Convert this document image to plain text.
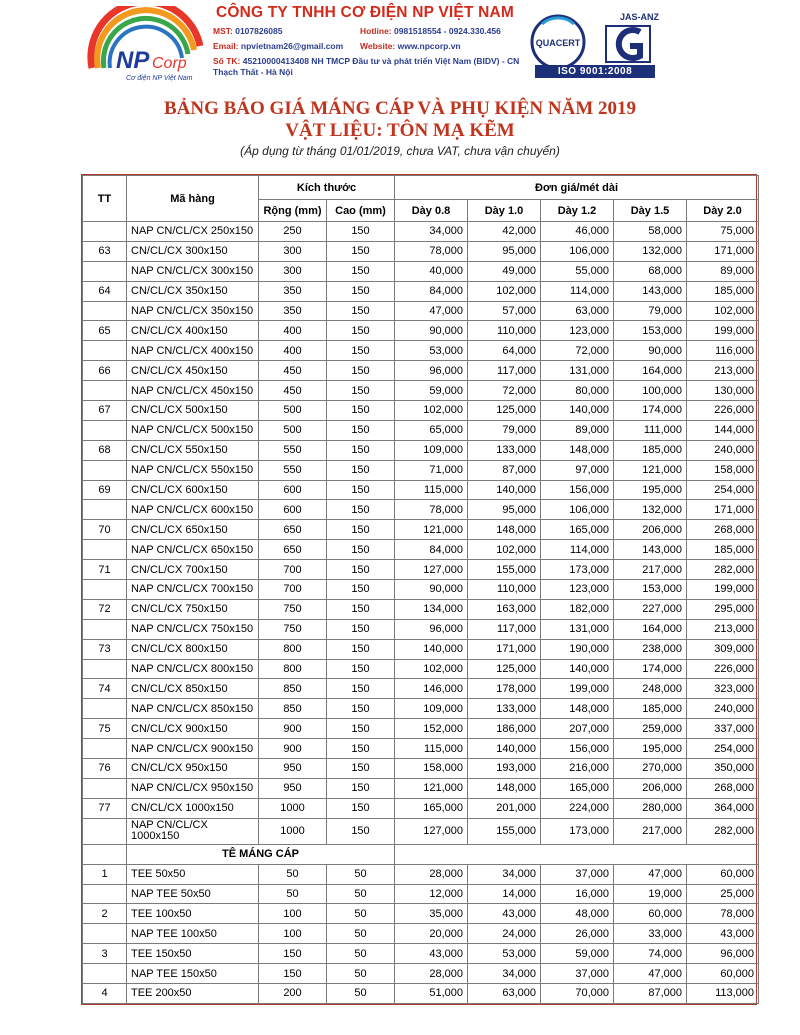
NP Corp
Cơ điện NP Việt Nam
CÔNG TY TNHH CƠ ĐIỆN NP VIỆT NAM
MST: 0107826085	Hotline: 0981518554 - 0924.330.456
Email: npvietnam26@gmail.com Website: www.npcorp.vn
Số TK: 45210000413408 NH TMCP Đầu tư và phát triển Việt Nam (BIDV) - CN Thạch Thất - Hà Nội
QUACERT
JAS-ANZ
ISO 9001:2008
BẢNG BÁO GIÁ MÁNG CÁP VÀ PHỤ KIỆN NĂM 2019
VẬT LIỆU: TÔN MẠ KẼM
(Áp dụng từ tháng 01/01/2019, chưa VAT, chưa vận chuyển)
TT	Mã hàng	Kích thước		Đơn giá/mét dài				
		Rộng (mm)	Cao (mm)	Dày 0.8	Dày 1.0	Dày 1.2	Dày 1.5	Dày 2.0
	NAP CN/CL/CX 250x150	250	150	34,000	42,000	46,000	58,000	75,000
63	CN/CL/CX 300x150	300	150	78,000	95,000	106,000	132,000	171,000
	NAP CN/CL/CX 300x150	300	150	40,000	49,000	55,000	68,000	89,000
64	CN/CL/CX 350x150	350	150	84,000	102,000	114,000	143,000	185,000
	NAP CN/CL/CX 350x150	350	150	47,000	57,000	63,000	79,000	102,000
65	CN/CL/CX 400x150	400	150	90,000	110,000	123,000	153,000	199,000
	NAP CN/CL/CX 400x150	400	150	53,000	64,000	72,000	90,000	116,000
66	CN/CL/CX 450x150	450	150	96,000	117,000	131,000	164,000	213,000
	NAP CN/CL/CX 450x150	450	150	59,000	72,000	80,000	100,000	130,000
67	CN/CL/CX 500x150	500	150	102,000	125,000	140,000	174,000	226,000
	NAP CN/CL/CX 500x150	500	150	65,000	79,000	89,000	111,000	144,000
68	CN/CL/CX 550x150	550	150	109,000	133,000	148,000	185,000	240,000
	NAP CN/CL/CX 550x150	550	150	71,000	87,000	97,000	121,000	158,000
69	CN/CL/CX 600x150	600	150	115,000	140,000	156,000	195,000	254,000
	NAP CN/CL/CX 600x150	600	150	78,000	95,000	106,000	132,000	171,000
70	CN/CL/CX 650x150	650	150	121,000	148,000	165,000	206,000	268,000
	NAP CN/CL/CX 650x150	650	150	84,000	102,000	114,000	143,000	185,000
71	CN/CL/CX 700x150	700	150	127,000	155,000	173,000	217,000	282,000
	NAP CN/CL/CX 700x150	700	150	90,000	110,000	123,000	153,000	199,000
72	CN/CL/CX 750x150	750	150	134,000	163,000	182,000	227,000	295,000
	NAP CN/CL/CX 750x150	750	150	96,000	117,000	131,000	164,000	213,000
73	CN/CL/CX 800x150	800	150	140,000	171,000	190,000	238,000	309,000
	NAP CN/CL/CX 800x150	800	150	102,000	125,000	140,000	174,000	226,000
74	CN/CL/CX 850x150	850	150	146,000	178,000	199,000	248,000	323,000
	NAP CN/CL/CX 850x150	850	150	109,000	133,000	148,000	185,000	240,000
75	CN/CL/CX 900x150	900	150	152,000	186,000	207,000	259,000	337,000
	NAP CN/CL/CX 900x150	900	150	115,000	140,000	156,000	195,000	254,000
76	CN/CL/CX 950x150	950	150	158,000	193,000	216,000	270,000	350,000
	NAP CN/CL/CX 950x150	950	150	121,000	148,000	165,000	206,000	268,000
77	CN/CL/CX 1000x150	1000	150	165,000	201,000	224,000	280,000	364,000
	NAP CN/CL/CX 1000x150	1000	150	127,000	155,000	173,000	217,000	282,000
	TÊ MÁNG CÁP							
1	TEE 50x50	50	50	28,000	34,000	37,000	47,000	60,000
	NAP TEE 50x50	50	50	12,000	14,000	16,000	19,000	25,000
2	TEE 100x50	100	50	35,000	43,000	48,000	60,000	78,000
	NAP TEE 100x50	100	50	20,000	24,000	26,000	33,000	43,000
3	TEE 150x50	150	50	43,000	53,000	59,000	74,000	96,000
	NAP TEE 150x50	150	50	28,000	34,000	37,000	47,000	60,000
4	TEE 200x50	200	50	51,000	63,000	70,000	87,000	113,000
